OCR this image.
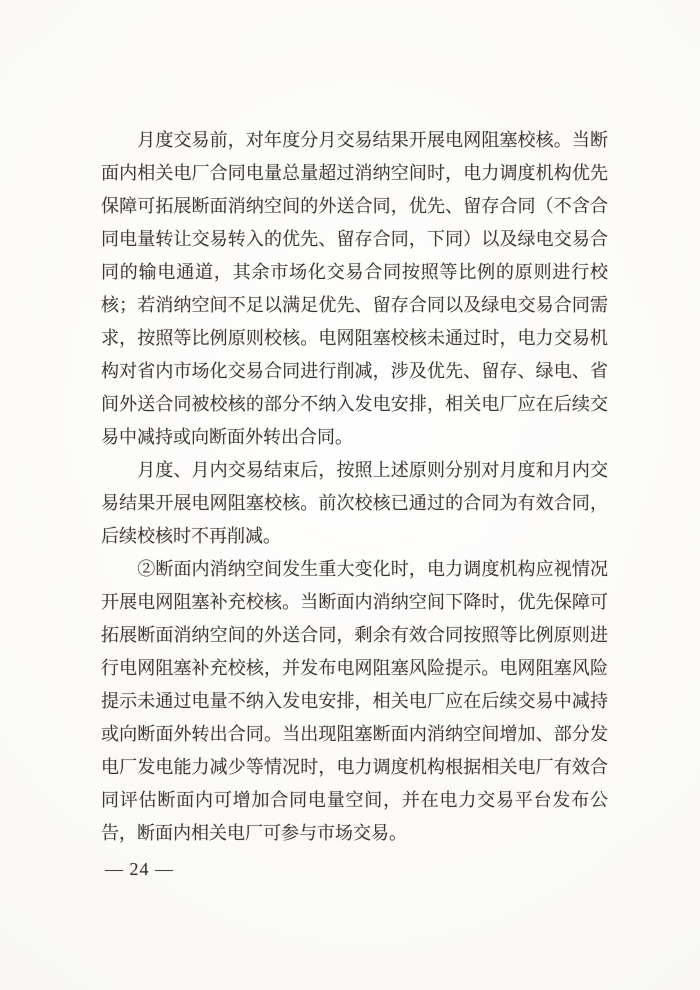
　　月度交易前，对年度分月交易结果开展电网阻塞校核。当断
面内相关电厂合同电量总量超过消纳空间时，电力调度机构优先
保障可拓展断面消纳空间的外送合同，优先、留存合同（不含合
同电量转让交易转入的优先、留存合同，下同）以及绿电交易合
同的输电通道，其余市场化交易合同按照等比例的原则进行校
核；若消纳空间不足以满足优先、留存合同以及绿电交易合同需
求，按照等比例原则校核。电网阻塞校核未通过时，电力交易机
构对省内市场化交易合同进行削减，涉及优先、留存、绿电、省
间外送合同被校核的部分不纳入发电安排，相关电厂应在后续交
易中减持或向断面外转出合同。
　　月度、月内交易结束后，按照上述原则分别对月度和月内交
易结果开展电网阻塞校核。前次校核已通过的合同为有效合同，
后续校核时不再削减。
　　②断面内消纳空间发生重大变化时，电力调度机构应视情况
开展电网阻塞补充校核。当断面内消纳空间下降时，优先保障可
拓展断面消纳空间的外送合同，剩余有效合同按照等比例原则进
行电网阻塞补充校核，并发布电网阻塞风险提示。电网阻塞风险
提示未通过电量不纳入发电安排，相关电厂应在后续交易中减持
或向断面外转出合同。当出现阻塞断面内消纳空间增加、部分发
电厂发电能力减少等情况时，电力调度机构根据相关电厂有效合
同评估断面内可增加合同电量空间，并在电力交易平台发布公
告，断面内相关电厂可参与市场交易。
— 24 —
